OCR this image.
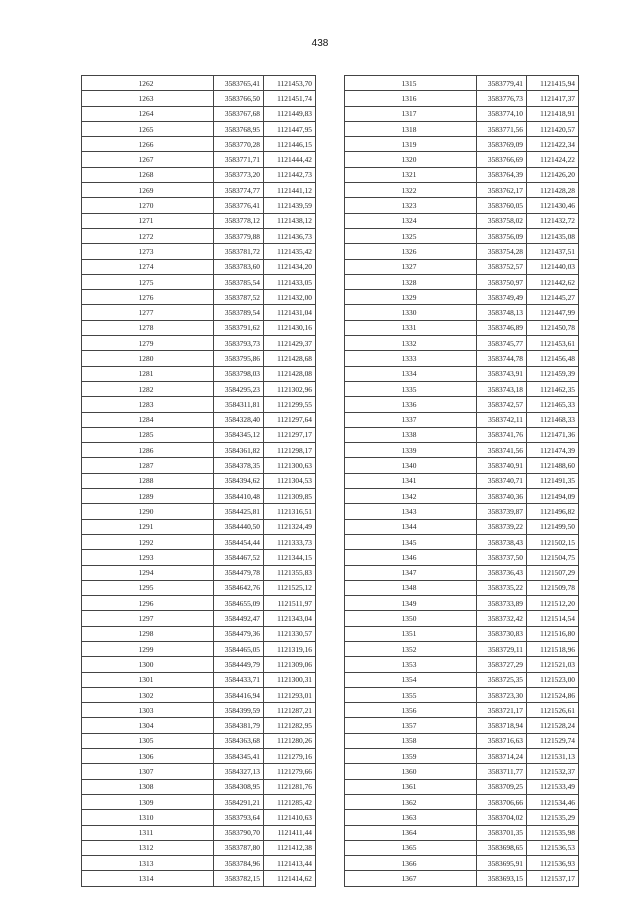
438
1262	3583765,41	1121453,70
1263	3583766,50	1121451,74
1264	3583767,68	1121449,83
1265	3583768,95	1121447,95
1266	3583770,28	1121446,15
1267	3583771,71	1121444,42
1268	3583773,20	1121442,73
1269	3583774,77	1121441,12
1270	3583776,41	1121439,59
1271	3583778,12	1121438,12
1272	3583779,88	1121436,73
1273	3583781,72	1121435,42
1274	3583783,60	1121434,20
1275	3583785,54	1121433,05
1276	3583787,52	1121432,00
1277	3583789,54	1121431,04
1278	3583791,62	1121430,16
1279	3583793,73	1121429,37
1280	3583795,86	1121428,68
1281	3583798,03	1121428,08
1282	3584295,23	1121302,96
1283	3584311,81	1121299,55
1284	3584328,40	1121297,64
1285	3584345,12	1121297,17
1286	3584361,82	1121298,17
1287	3584378,35	1121300,63
1288	3584394,62	1121304,53
1289	3584410,48	1121309,85
1290	3584425,81	1121316,51
1291	3584440,50	1121324,49
1292	3584454,44	1121333,73
1293	3584467,52	1121344,15
1294	3584479,78	1121355,83
1295	3584642,76	1121525,12
1296	3584655,09	1121511,97
1297	3584492,47	1121343,04
1298	3584479,36	1121330,57
1299	3584465,05	1121319,16
1300	3584449,79	1121309,06
1301	3584433,71	1121300,31
1302	3584416,94	1121293,01
1303	3584399,59	1121287,21
1304	3584381,79	1121282,95
1305	3584363,68	1121280,26
1306	3584345,41	1121279,16
1307	3584327,13	1121279,66
1308	3584308,95	1121281,76
1309	3584291,21	1121285,42
1310	3583793,64	1121410,63
1311	3583790,70	1121411,44
1312	3583787,80	1121412,38
1313	3583784,96	1121413,44
1314	3583782,15	1121414,62
1315	3583779,41	1121415,94
1316	3583776,73	1121417,37
1317	3583774,10	1121418,91
1318	3583771,56	1121420,57
1319	3583769,09	1121422,34
1320	3583766,69	1121424,22
1321	3583764,39	1121426,20
1322	3583762,17	1121428,28
1323	3583760,05	1121430,46
1324	3583758,02	1121432,72
1325	3583756,09	1121435,08
1326	3583754,28	1121437,51
1327	3583752,57	1121440,03
1328	3583750,97	1121442,62
1329	3583749,49	1121445,27
1330	3583748,13	1121447,99
1331	3583746,89	1121450,78
1332	3583745,77	1121453,61
1333	3583744,78	1121456,48
1334	3583743,91	1121459,39
1335	3583743,18	1121462,35
1336	3583742,57	1121465,33
1337	3583742,11	1121468,33
1338	3583741,76	1121471,36
1339	3583741,56	1121474,39
1340	3583740,91	1121488,60
1341	3583740,71	1121491,35
1342	3583740,36	1121494,09
1343	3583739,87	1121496,82
1344	3583739,22	1121499,50
1345	3583738,43	1121502,15
1346	3583737,50	1121504,75
1347	3583736,43	1121507,29
1348	3583735,22	1121509,78
1349	3583733,89	1121512,20
1350	3583732,42	1121514,54
1351	3583730,83	1121516,80
1352	3583729,11	1121518,96
1353	3583727,29	1121521,03
1354	3583725,35	1121523,00
1355	3583723,30	1121524,86
1356	3583721,17	1121526,61
1357	3583718,94	1121528,24
1358	3583716,63	1121529,74
1359	3583714,24	1121531,13
1360	3583711,77	1121532,37
1361	3583709,25	1121533,49
1362	3583706,66	1121534,46
1363	3583704,02	1121535,29
1364	3583701,35	1121535,98
1365	3583698,65	1121536,53
1366	3583695,91	1121536,93
1367	3583693,15	1121537,17
